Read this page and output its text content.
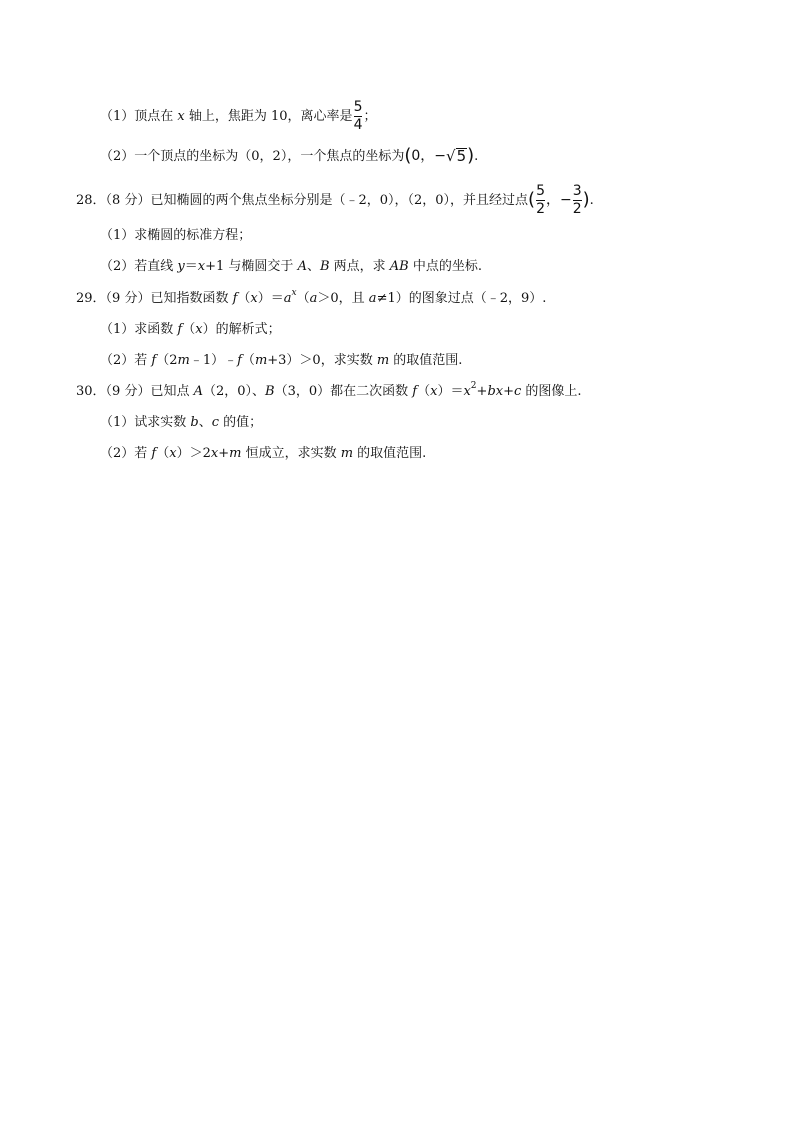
（1）顶点在 x 轴上，焦距为 10，离心率是 $\frac{5}{4}$ ；
（2）一个顶点的坐标为（0，2），一个焦点的坐标为 ( 0， − √ 5 ) .
28．（8 分）已知椭圆的两个焦点坐标分别是（﹣2，0），（2，0），并且经过点 ( $\frac{5}{2}$ ， − $\frac{3}{2}$ ) .
（1）求椭圆的标准方程；
（2）若直线 y ＝ x +1 与椭圆交于 A 、 B 两点，求 AB 中点的坐标.
29．（9 分）已知指数函数 f （ x ）＝ a $^x$ （ a ＞0，且 a ≠1）的图象过点（﹣2，9）.
（1）求函数 f （ x ）的解析式；
（2）若 f （2 m ﹣1）﹣ f （ m +3）＞0，求实数 m 的取值范围.
30．（9 分）已知点 A （2，0）、 B （3，0）都在二次函数 f （ x ）＝ $x^2$ + bx + c 的图像上.
（1）试求实数 b 、 c 的值；
（2）若 f （ x ）＞2 x + m 恒成立，求实数 m 的取值范围.
